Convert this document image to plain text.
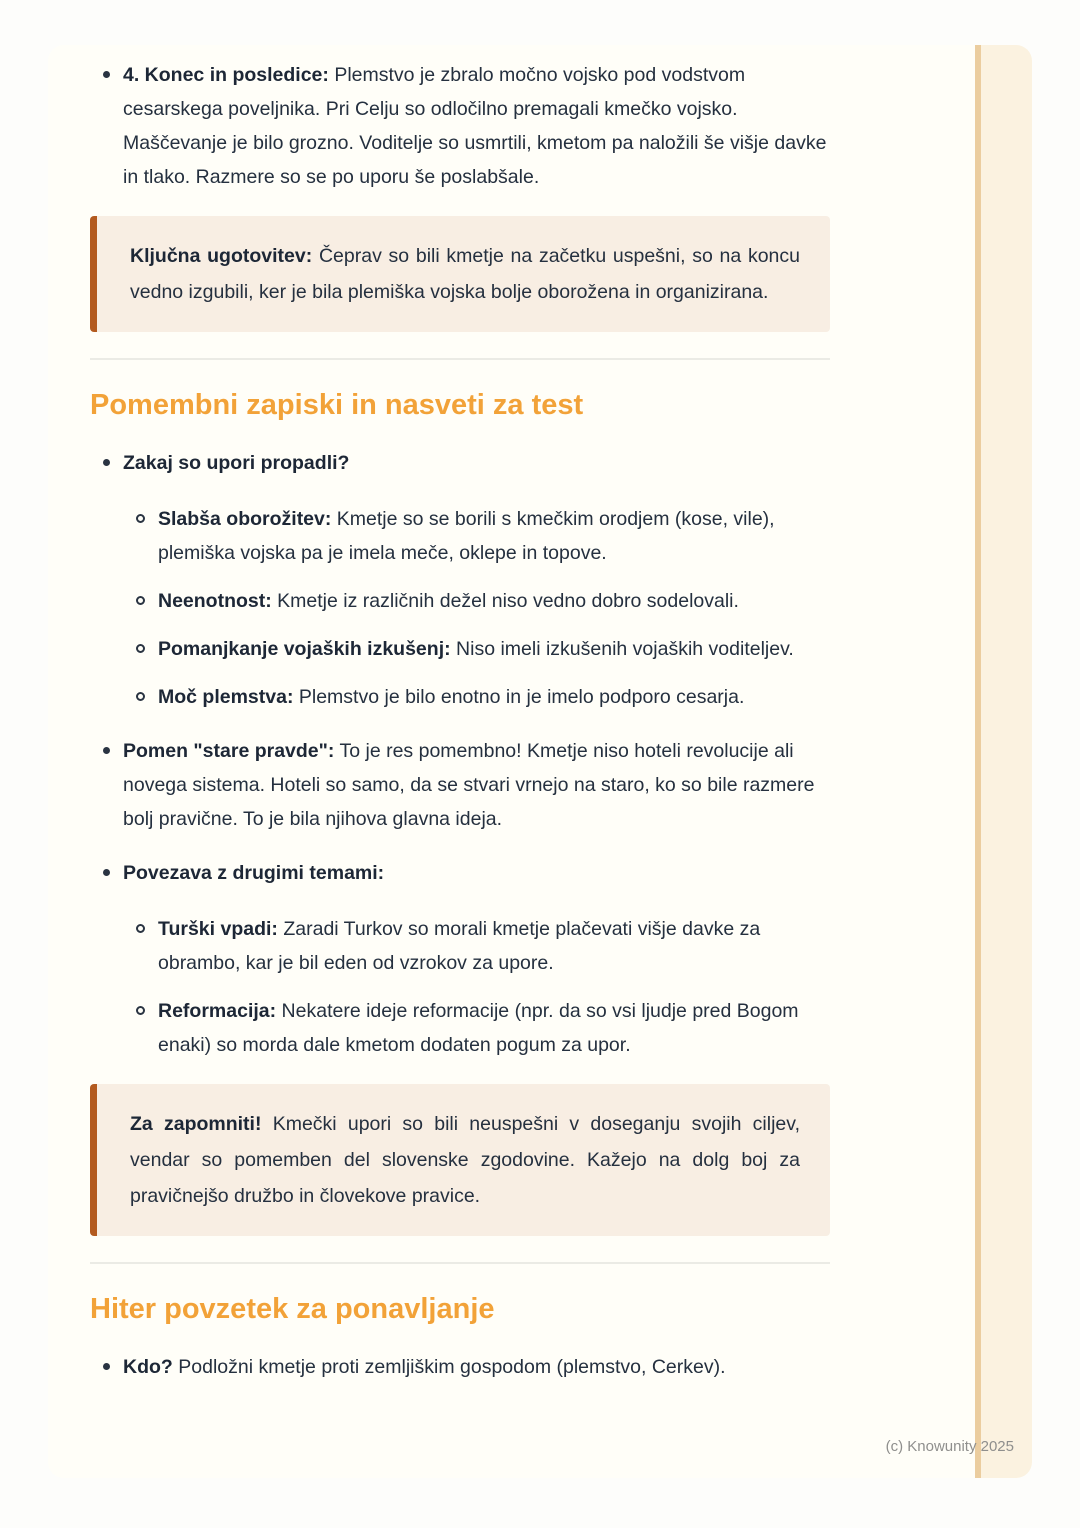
4. Konec in posledice: Plemstvo je zbralo močno vojsko pod vodstvom cesarskega poveljnika. Pri Celju so odločilno premagali kmečko vojsko. Maščevanje je bilo grozno. Voditelje so usmrtili, kmetom pa naložili še višje davke in tlako. Razmere so se po uporu še poslabšale.

Ključna ugotovitev: Čeprav so bili kmetje na začetku uspešni, so na koncu vedno izgubili, ker je bila plemiška vojska bolje oborožena in organizirana.

Pomembni zapiski in nasveti za test

Zakaj so upori propadli?

Slabša oborožitev: Kmetje so se borili s kmečkim orodjem (kose, vile), plemiška vojska pa je imela meče, oklepe in topove.

Neenotnost: Kmetje iz različnih dežel niso vedno dobro sodelovali.

Pomanjkanje vojaških izkušenj: Niso imeli izkušenih vojaških voditeljev.

Moč plemstva: Plemstvo je bilo enotno in je imelo podporo cesarja.

Pomen "stare pravde": To je res pomembno! Kmetje niso hoteli revolucije ali novega sistema. Hoteli so samo, da se stvari vrnejo na staro, ko so bile razmere bolj pravične. To je bila njihova glavna ideja.

Povezava z drugimi temami:

Turški vpadi: Zaradi Turkov so morali kmetje plačevati višje davke za obrambo, kar je bil eden od vzrokov za upore.

Reformacija: Nekatere ideje reformacije (npr. da so vsi ljudje pred Bogom enaki) so morda dale kmetom dodaten pogum za upor.

Za zapomniti! Kmečki upori so bili neuspešni v doseganju svojih ciljev, vendar so pomemben del slovenske zgodovine. Kažejo na dolg boj za pravičnejšo družbo in človekove pravice.

Hiter povzetek za ponavljanje

Kdo? Podložni kmetje proti zemljiškim gospodom (plemstvo, Cerkev).

(c) Knowunity 2025
